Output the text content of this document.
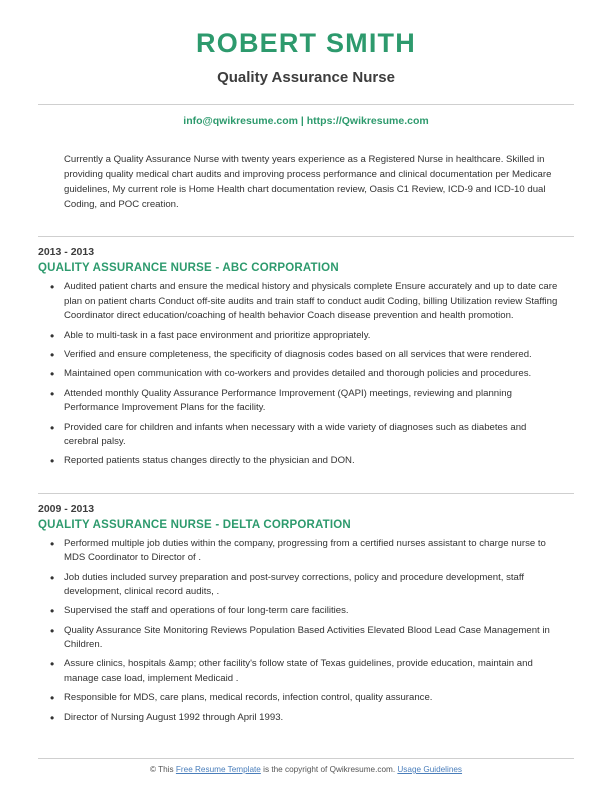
ROBERT SMITH
Quality Assurance Nurse
info@qwikresume.com | https://Qwikresume.com
Currently a Quality Assurance Nurse with twenty years experience as a Registered Nurse in healthcare. Skilled in providing quality medical chart audits and improving process performance and clinical documentation per Medicare guidelines, My current role is Home Health chart documentation review, Oasis C1 Review, ICD-9 and ICD-10 dual Coding, and POC creation.
2013 - 2013
QUALITY ASSURANCE NURSE - ABC CORPORATION
• Audited patient charts and ensure the medical history and physicals complete Ensure accurately and up to date care plan on patient charts Conduct off-site audits and train staff to conduct audit Coding, billing Utilization review Staffing Coordinator direct education/coaching of health behavior Coach disease prevention and health promotion.
• Able to multi-task in a fast pace environment and prioritize appropriately.
• Verified and ensure completeness, the specificity of diagnosis codes based on all services that were rendered.
• Maintained open communication with co-workers and provides detailed and thorough policies and procedures.
• Attended monthly Quality Assurance Performance Improvement (QAPI) meetings, reviewing and planning Performance Improvement Plans for the facility.
• Provided care for children and infants when necessary with a wide variety of diagnoses such as diabetes and cerebral palsy.
• Reported patients status changes directly to the physician and DON.
2009 - 2013
QUALITY ASSURANCE NURSE - DELTA CORPORATION
• Performed multiple job duties within the company, progressing from a certified nurses assistant to charge nurse to MDS Coordinator to Director of .
• Job duties included survey preparation and post-survey corrections, policy and procedure development, staff development, clinical record audits, .
• Supervised the staff and operations of four long-term care facilities.
• Quality Assurance Site Monitoring Reviews Population Based Activities Elevated Blood Lead Case Management in Children.
• Assure clinics, hospitals &amp; other facility's follow state of Texas guidelines, provide education, maintain and manage case load, implement Medicaid .
• Responsible for MDS, care plans, medical records, infection control, quality assurance.
• Director of Nursing August 1992 through April 1993.
© This Free Resume Template is the copyright of Qwikresume.com. Usage Guidelines
